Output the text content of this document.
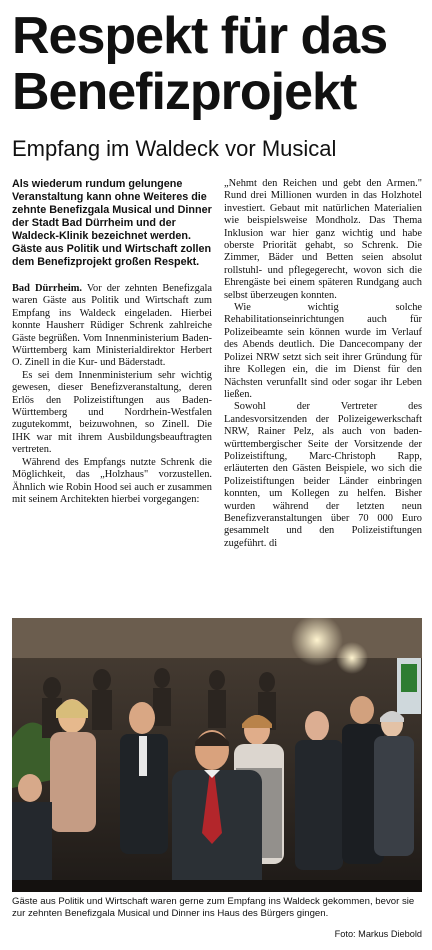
Respekt für das Benefizprojekt
Empfang im Waldeck vor Musical
Als wiederum rundum gelungene Veranstaltung kann ohne Weiteres die zehnte Benefizgala Musical und Dinner der Stadt Bad Dürrheim und der Waldeck-Klinik bezeichnet werden. Gäste aus Politik und Wirtschaft zollen dem Benefizprojekt großen Respekt.

Bad Dürrheim. Vor der zehnten Benefizgala waren Gäste aus Politik und Wirtschaft zum Empfang ins Waldeck eingeladen. Hierbei konnte Hausherr Rüdiger Schrenk zahlreiche Gäste begrüßen. Vom Innenministerium Baden-Württemberg kam Ministerialdirektor Herbert O. Zinell in die Kur- und Bäderstadt.

Es sei dem Innenministerium sehr wichtig gewesen, dieser Benefizveranstaltung, deren Erlös den Polizeistiftungen aus Baden-Württemberg und Nordrhein-Westfalen zugutekommt, beizuwohnen, so Zinell. Die IHK war mit ihrem Ausbildungsbeauftragten vertreten.

Während des Empfangs nutzte Schrenk die Möglichkeit, das „Holzhaus" vorzustellen. Ähnlich wie Robin Hood sei auch er zusammen mit seinem Architekten hierbei vorgegangen:

„Nehmt den Reichen und gebt den Armen." Rund drei Millionen wurden in das Holzhotel investiert. Gebaut mit natürlichen Materialien wie beispielsweise Mondholz. Das Thema Inklusion war hier ganz wichtig und habe oberste Priorität gehabt, so Schrenk. Die Zimmer, Bäder und Betten seien absolut rollstuhl- und pflegegerecht, wovon sich die Ehrengäste bei einem späteren Rundgang auch selbst überzeugen konnten.

Wie wichtig solche Rehabilitationseinrichtungen auch für Polizeibeamte sein können wurde im Verlauf des Abends deutlich. Die Dancecompany der Polizei NRW setzt sich seit ihrer Gründung für ihre Kollegen ein, die im Dienst für den Nächsten verunfallt sind oder sogar ihr Leben ließen.

Sowohl der Vertreter des Landesvorsitzenden der Polizeigewerkschaft NRW, Rainer Pelz, als auch von baden-württembergischer Seite der Vorsitzende der Polizeistiftung, Marc-Christoph Rapp, erläuterten den Gästen Beispiele, wo sich die Polizeistiftungen beider Länder einbringen konnten, um Kollegen zu helfen. Bisher wurden während der letzten neun Benefizveranstaltungen über 70 000 Euro gesammelt und den Polizeistiftungen zugeführt. di

Gäste aus Politik und Wirtschaft waren gerne zum Empfang ins Waldeck gekommen, bevor sie zur zehnten Benefizgala Musical und Dinner ins Haus des Bürgers gingen.
Foto: Markus Diebold
